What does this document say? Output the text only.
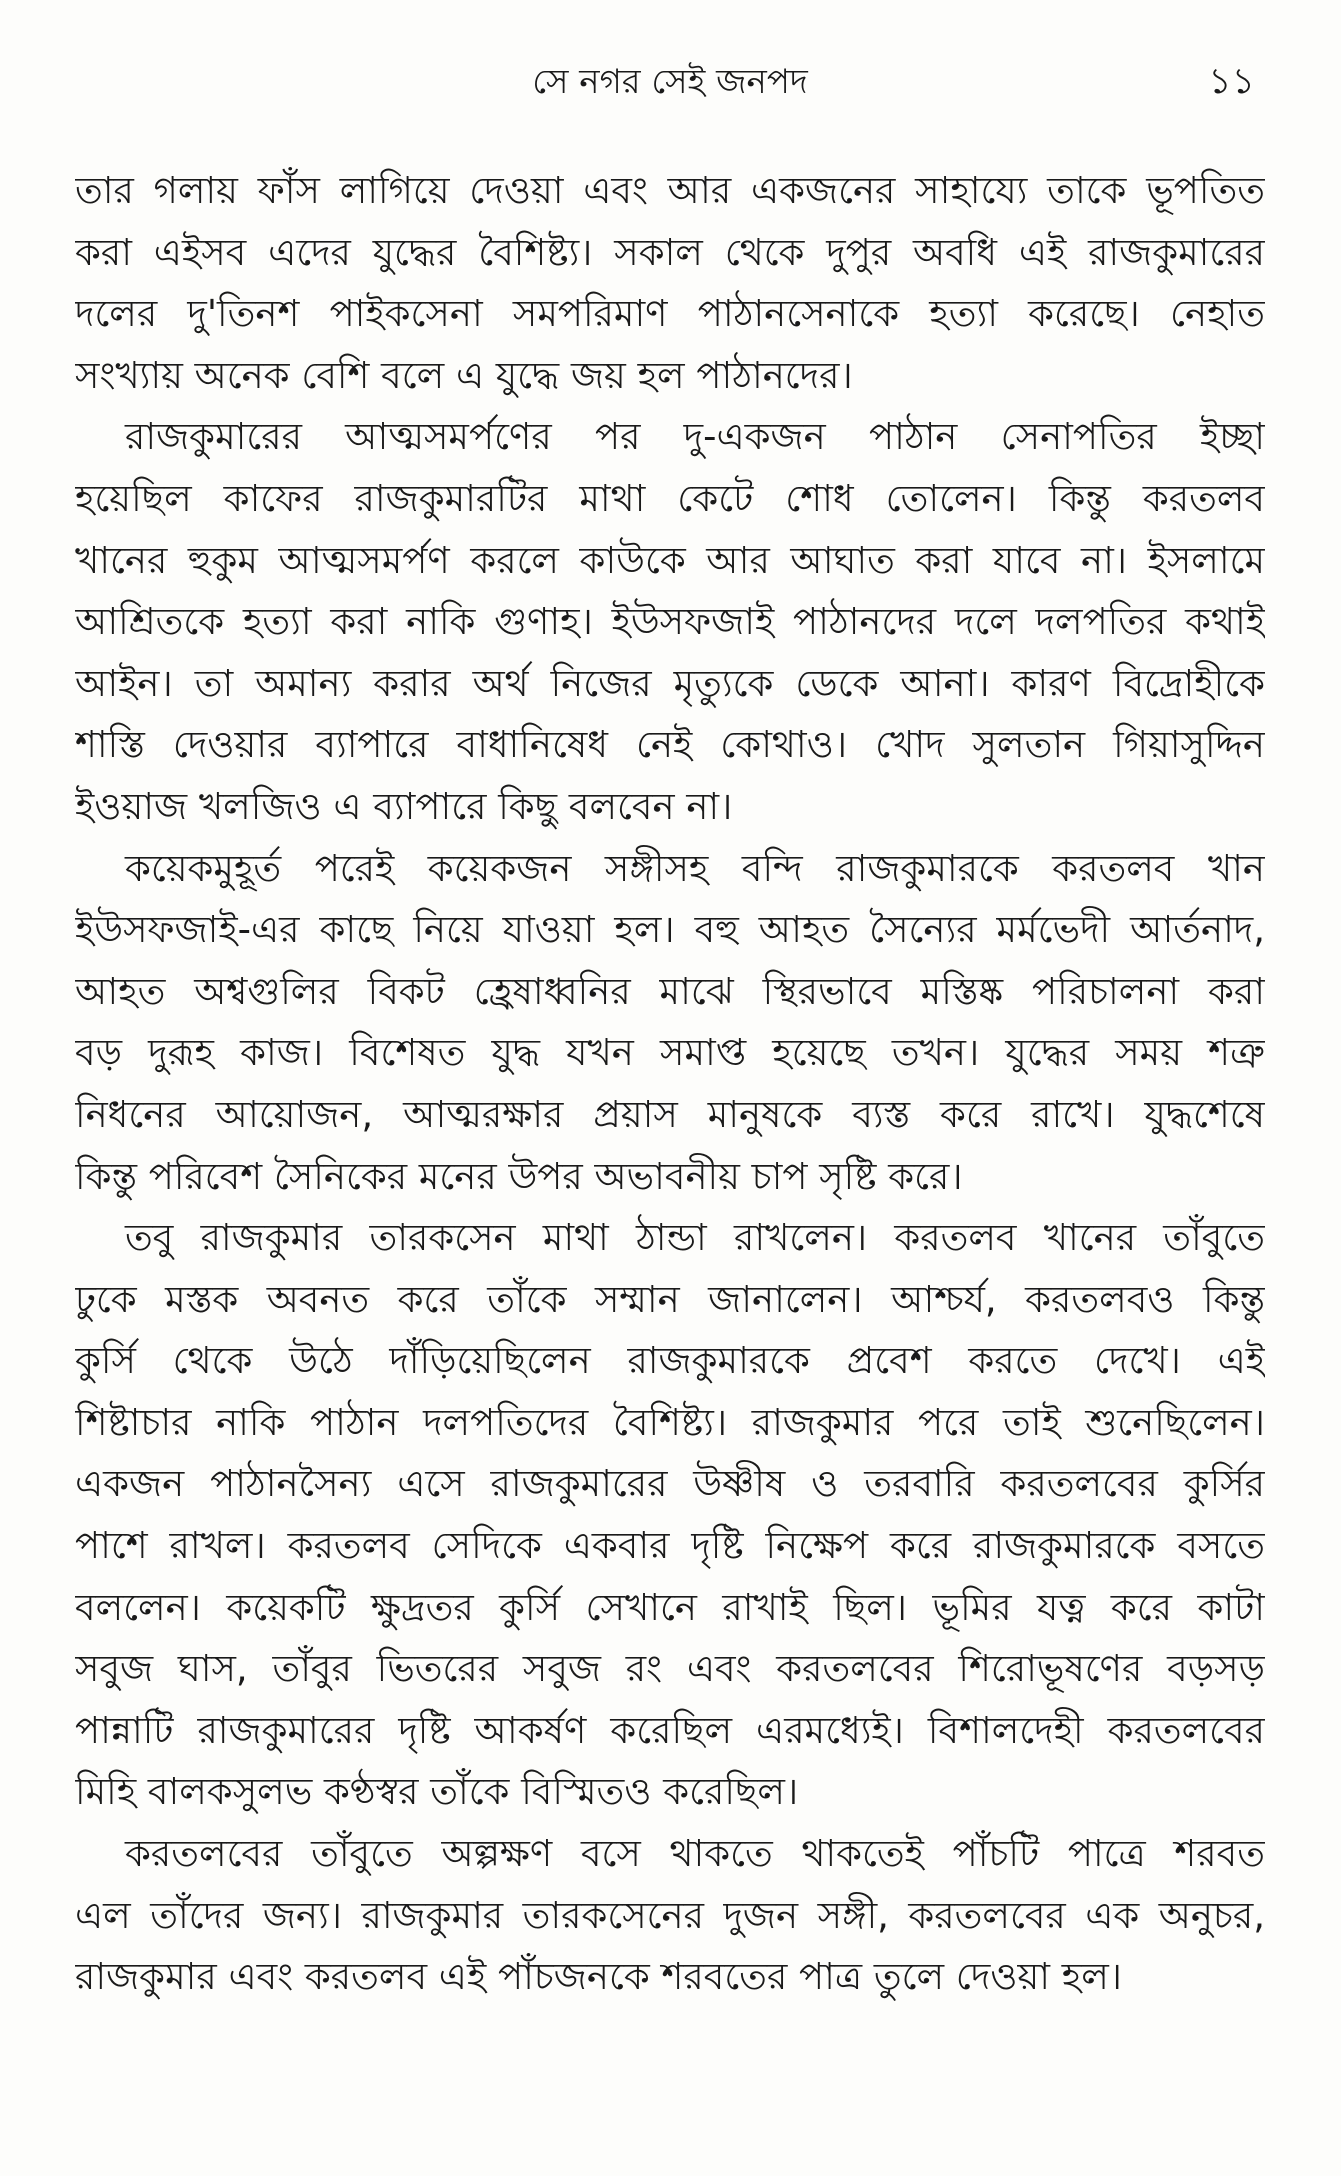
সে নগর সেই জনপদ	১১
তার গলায় ফাঁস লাগিয়ে দেওয়া এবং আর একজনের সাহায্যে তাকে ভূপতিত
করা এইসব এদের যুদ্ধের বৈশিষ্ট্য। সকাল থেকে দুপুর অবধি এই রাজকুমারের
দলের দু'তিনশ পাইকসেনা সমপরিমাণ পাঠানসেনাকে হত্যা করেছে। নেহাত
সংখ্যায় অনেক বেশি বলে এ যুদ্ধে জয় হল পাঠানদের।
রাজকুমারের আত্মসমর্পণের পর দু-একজন পাঠান সেনাপতির ইচ্ছা
হয়েছিল কাফের রাজকুমারটির মাথা কেটে শোধ তোলেন। কিন্তু করতলব
খানের হুকুম আত্মসমর্পণ করলে কাউকে আর আঘাত করা যাবে না। ইসলামে
আশ্রিতকে হত্যা করা নাকি গুণাহ। ইউসফজাই পাঠানদের দলে দলপতির কথাই
আইন। তা অমান্য করার অর্থ নিজের মৃত্যুকে ডেকে আনা। কারণ বিদ্রোহীকে
শাস্তি দেওয়ার ব্যাপারে বাধানিষেধ নেই কোথাও। খোদ সুলতান গিয়াসুদ্দিন
ইওয়াজ খলজিও এ ব্যাপারে কিছু বলবেন না।
কয়েকমুহূর্ত পরেই কয়েকজন সঙ্গীসহ বন্দি রাজকুমারকে করতলব খান
ইউসফজাই-এর কাছে নিয়ে যাওয়া হল। বহু আহত সৈন্যের মর্মভেদী আর্তনাদ,
আহত অশ্বগুলির বিকট হ্রেষাধ্বনির মাঝে স্থিরভাবে মস্তিষ্ক পরিচালনা করা
বড় দুরূহ কাজ। বিশেষত যুদ্ধ যখন সমাপ্ত হয়েছে তখন। যুদ্ধের সময় শত্রু
নিধনের আয়োজন, আত্মরক্ষার প্রয়াস মানুষকে ব্যস্ত করে রাখে। যুদ্ধশেষে
কিন্তু পরিবেশ সৈনিকের মনের উপর অভাবনীয় চাপ সৃষ্টি করে।
তবু রাজকুমার তারকসেন মাথা ঠান্ডা রাখলেন। করতলব খানের তাঁবুতে
ঢুকে মস্তক অবনত করে তাঁকে সম্মান জানালেন। আশ্চর্য, করতলবও কিন্তু
কুর্সি থেকে উঠে দাঁড়িয়েছিলেন রাজকুমারকে প্রবেশ করতে দেখে। এই
শিষ্টাচার নাকি পাঠান দলপতিদের বৈশিষ্ট্য। রাজকুমার পরে তাই শুনেছিলেন।
একজন পাঠানসৈন্য এসে রাজকুমারের উষ্ণীষ ও তরবারি করতলবের কুর্সির
পাশে রাখল। করতলব সেদিকে একবার দৃষ্টি নিক্ষেপ করে রাজকুমারকে বসতে
বললেন। কয়েকটি ক্ষুদ্রতর কুর্সি সেখানে রাখাই ছিল। ভূমির যত্ন করে কাটা
সবুজ ঘাস, তাঁবুর ভিতরের সবুজ রং এবং করতলবের শিরোভূষণের বড়সড়
পান্নাটি রাজকুমারের দৃষ্টি আকর্ষণ করেছিল এরমধ্যেই। বিশালদেহী করতলবের
মিহি বালকসুলভ কণ্ঠস্বর তাঁকে বিস্মিতও করেছিল।
করতলবের তাঁবুতে অল্পক্ষণ বসে থাকতে থাকতেই পাঁচটি পাত্রে শরবত
এল তাঁদের জন্য। রাজকুমার তারকসেনের দুজন সঙ্গী, করতলবের এক অনুচর,
রাজকুমার এবং করতলব এই পাঁচজনকে শরবতের পাত্র তুলে দেওয়া হল।
